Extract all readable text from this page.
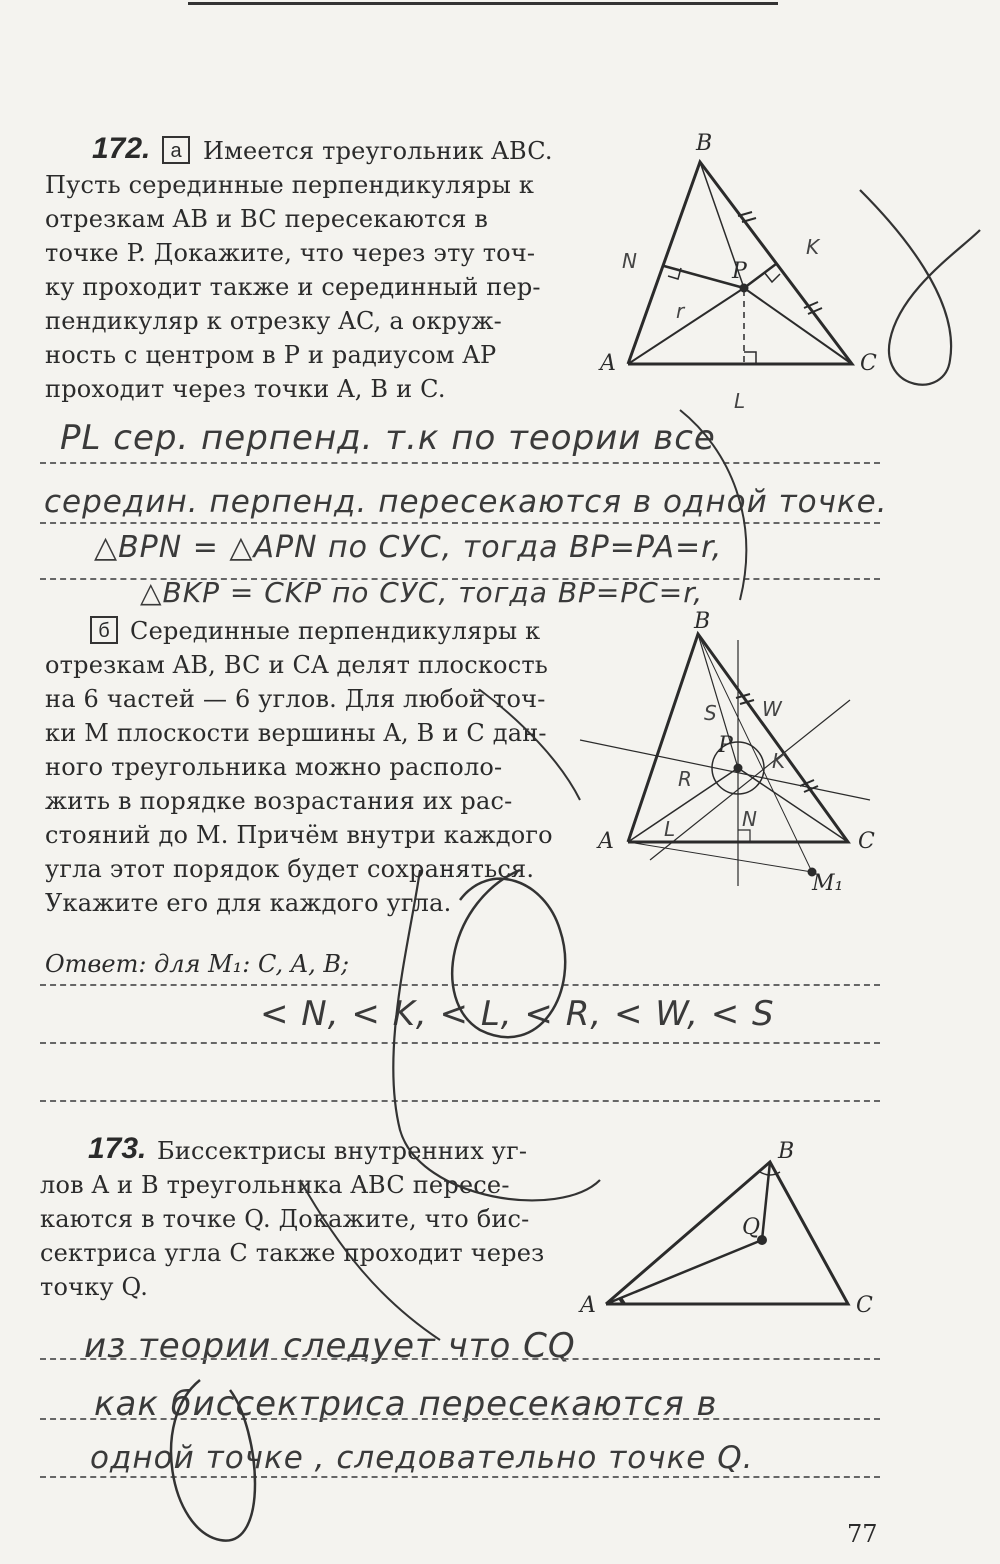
172.	а Имеется треугольник ABC.
Пусть серединные перпендикуляры к
отрезкам AB и BC пересекаются в
точке P. Докажите, что через эту точ-
ку проходит также и серединный пер-
пендикуляр к отрезку AC, а окруж-
ность с центром в P и радиусом AP
проходит через точки A, B и C.
PL сер. перпенд. т.к по теории все
середин. перпенд. пересекаются в одной точке.
△BPN = △APN по СУС, тогда BP=PA=r,
△BKP = CKP по СУС, тогда BP=PC=r,
б Серединные перпендикуляры к
отрезкам AB, BC и CA делят плоскость
на 6 частей — 6 углов. Для любой точ-
ки M плоскости вершины A, B и C дан-
ного треугольника можно располо-
жить в порядке возрастания их рас-
стояний до M. Причём внутри каждого
угла этот порядок будет сохраняться.
Укажите его для каждого угла.
Ответ: для M₁: C, A, B;
< N, < K, < L, < R, < W, < S
173. Биссектрисы внутренних уг-
лов A и B треугольника ABC пересе-
каются в точке Q. Докажите, что бис-
сектриса угла C также проходит через
точку Q.
из теории следует что CQ
как биссектриса пересекаются в
одной точке , следовательно точке Q.
77
B
A	C
P
N
K
L
r
B
A	C
P
M₁
S W
R
K
L	N
A
B
C
Q
